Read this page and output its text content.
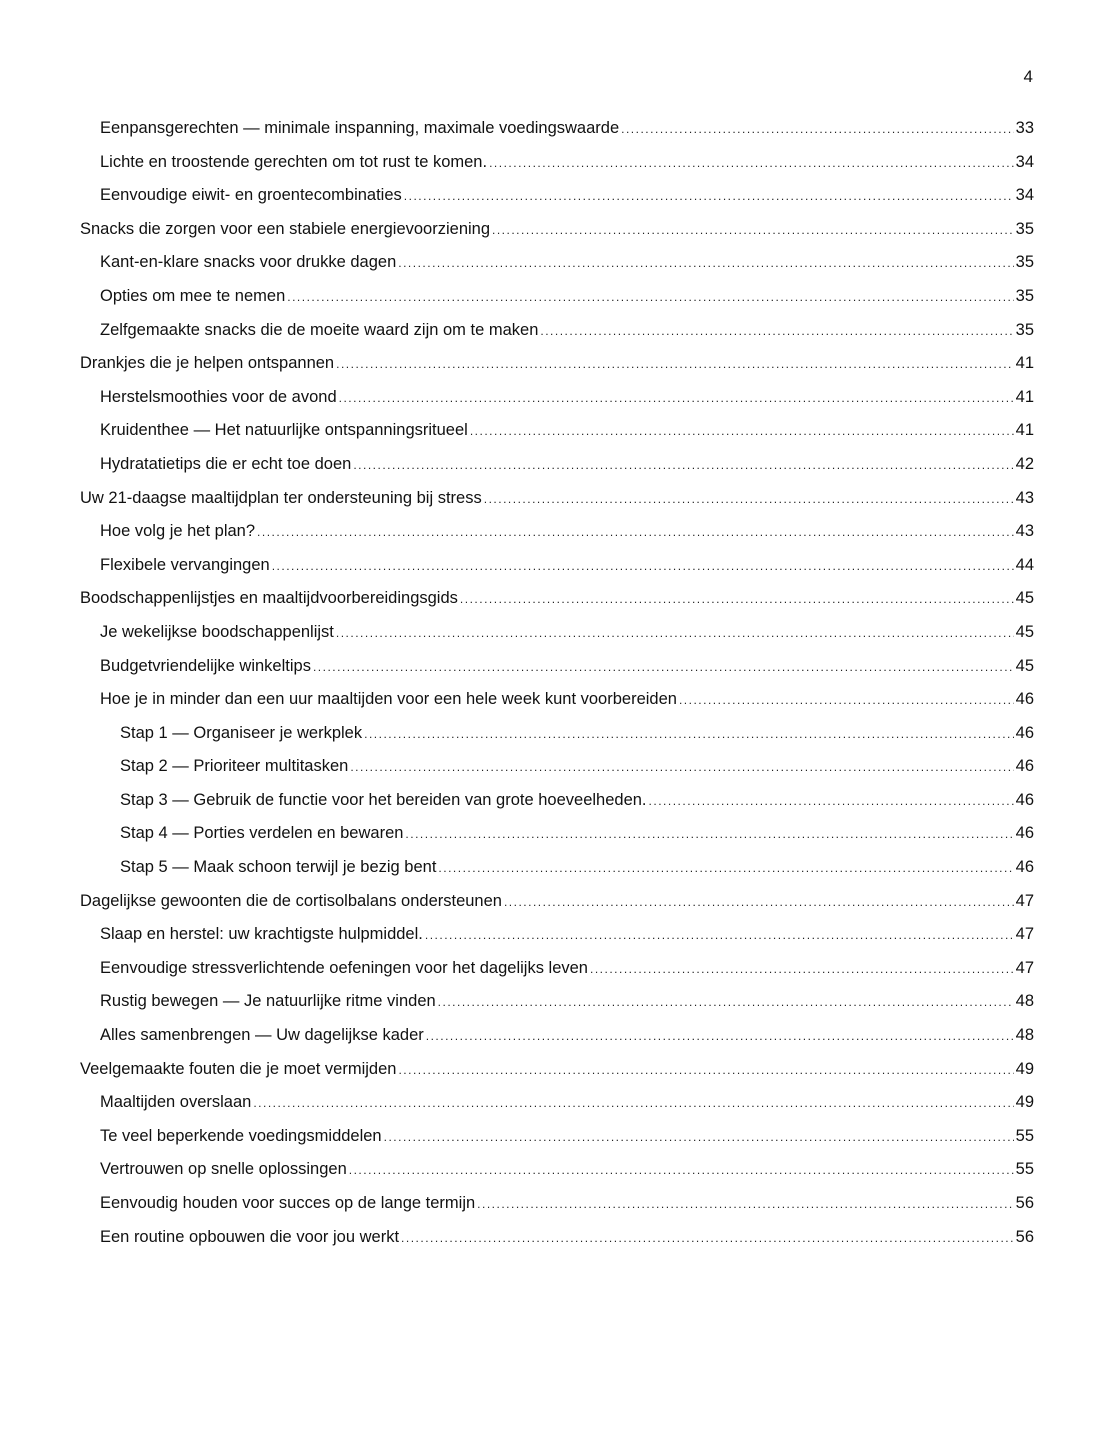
4
Eenpansgerechten — minimale inspanning, maximale voedingswaarde .....	33
Lichte en troostende gerechten om tot rust te komen. .....	34
Eenvoudige eiwit- en groentecombinaties .....	34
Snacks die zorgen voor een stabiele energievoorziening .....	35
Kant-en-klare snacks voor drukke dagen .....	35
Opties om mee te nemen .....	35
Zelfgemaakte snacks die de moeite waard zijn om te maken .....	35
Drankjes die je helpen ontspannen .....	41
Herstelsmoothies voor de avond .....	41
Kruidenthee — Het natuurlijke ontspanningsritueel .....	41
Hydratatietips die er echt toe doen .....	42
Uw 21-daagse maaltijdplan ter ondersteuning bij stress .....	43
Hoe volg je het plan? .....	43
Flexibele vervangingen .....	44
Boodschappenlijstjes en maaltijdvoorbereidingsgids .....	45
Je wekelijkse boodschappenlijst .....	45
Budgetvriendelijke winkeltips .....	45
Hoe je in minder dan een uur maaltijden voor een hele week kunt voorbereiden .....	46
Stap 1 — Organiseer je werkplek .....	46
Stap 2 — Prioriteer multitasken .....	46
Stap 3 — Gebruik de functie voor het bereiden van grote hoeveelheden. .....	46
Stap 4 — Porties verdelen en bewaren .....	46
Stap 5 — Maak schoon terwijl je bezig bent .....	46
Dagelijkse gewoonten die de cortisolbalans ondersteunen .....	47
Slaap en herstel: uw krachtigste hulpmiddel. .....	47
Eenvoudige stressverlichtende oefeningen voor het dagelijks leven .....	47
Rustig bewegen — Je natuurlijke ritme vinden .....	48
Alles samenbrengen — Uw dagelijkse kader .....	48
Veelgemaakte fouten die je moet vermijden .....	49
Maaltijden overslaan .....	49
Te veel beperkende voedingsmiddelen .....	55
Vertrouwen op snelle oplossingen .....	55
Eenvoudig houden voor succes op de lange termijn .....	56
Een routine opbouwen die voor jou werkt .....	56
